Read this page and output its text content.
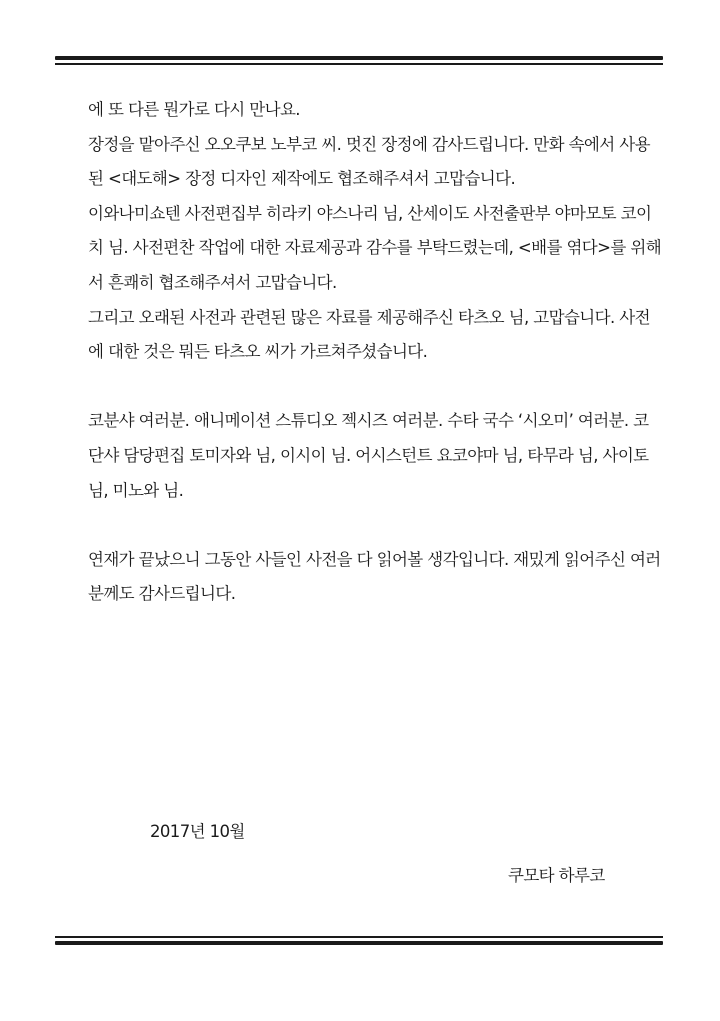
에 또 다른 뭔가로 다시 만나요.
장정을 맡아주신 오오쿠보 노부코 씨. 멋진 장정에 감사드립니다. 만화 속에서 사용
된 <대도해> 장정 디자인 제작에도 협조해주셔서 고맙습니다.
이와나미쇼텐 사전편집부 히라키 야스나리 님, 산세이도 사전출판부 야마모토 코이
치 님. 사전편찬 작업에 대한 자료제공과 감수를 부탁드렸는데, <배를 엮다>를 위해
서 흔쾌히 협조해주셔서 고맙습니다.
그리고 오래된 사전과 관련된 많은 자료를 제공해주신 타츠오 님, 고맙습니다. 사전
에 대한 것은 뭐든 타츠오 씨가 가르쳐주셨습니다.
코분샤 여러분. 애니메이션 스튜디오 젝시즈 여러분. 수타 국수 ‘시오미’ 여러분. 코
단샤 담당편집 토미자와 님, 이시이 님. 어시스턴트 요코야마 님, 타무라 님, 사이토
님, 미노와 님.
연재가 끝났으니 그동안 사들인 사전을 다 읽어볼 생각입니다. 재밌게 읽어주신 여러
분께도 감사드립니다.
2017년 10월
쿠모타 하루코
